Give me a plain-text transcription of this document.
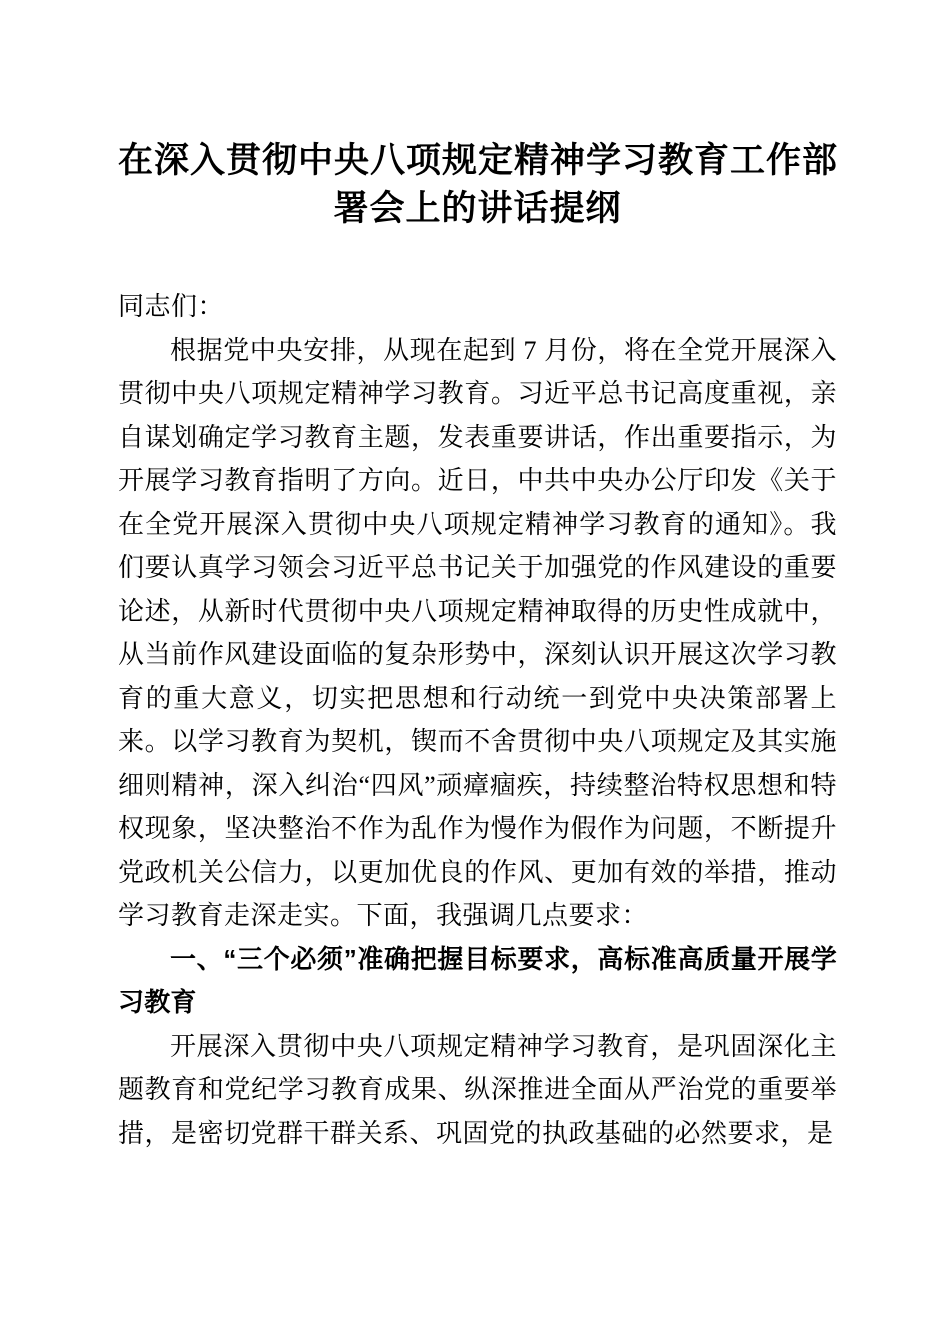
在深入贯彻中央八项规定精神学习教育工作部
署会上的讲话提纲

同志们：

根据党中央安排，从现在起到 7 月份，将在全党开展深入贯彻中央八项规定精神学习教育。习近平总书记高度重视，亲自谋划确定学习教育主题，发表重要讲话，作出重要指示，为开展学习教育指明了方向。近日，中共中央办公厅印发《关于在全党开展深入贯彻中央八项规定精神学习教育的通知》。我们要认真学习领会习近平总书记关于加强党的作风建设的重要论述，从新时代贯彻中央八项规定精神取得的历史性成就中，从当前作风建设面临的复杂形势中，深刻认识开展这次学习教育的重大意义，切实把思想和行动统一到党中央决策部署上来。以学习教育为契机，锲而不舍贯彻中央八项规定及其实施细则精神，深入纠治“四风”顽瘴痼疾，持续整治特权思想和特权现象，坚决整治不作为乱作为慢作为假作为问题，不断提升党政机关公信力，以更加优良的作风、更加有效的举措，推动学习教育走深走实。下面，我强调几点要求：

一、“三个必须”准确把握目标要求，高标准高质量开展学习教育

开展深入贯彻中央八项规定精神学习教育，是巩固深化主题教育和党纪学习教育成果、纵深推进全面从严治党的重要举措，是密切党群干群关系、巩固党的执政基础的必然要求，是
